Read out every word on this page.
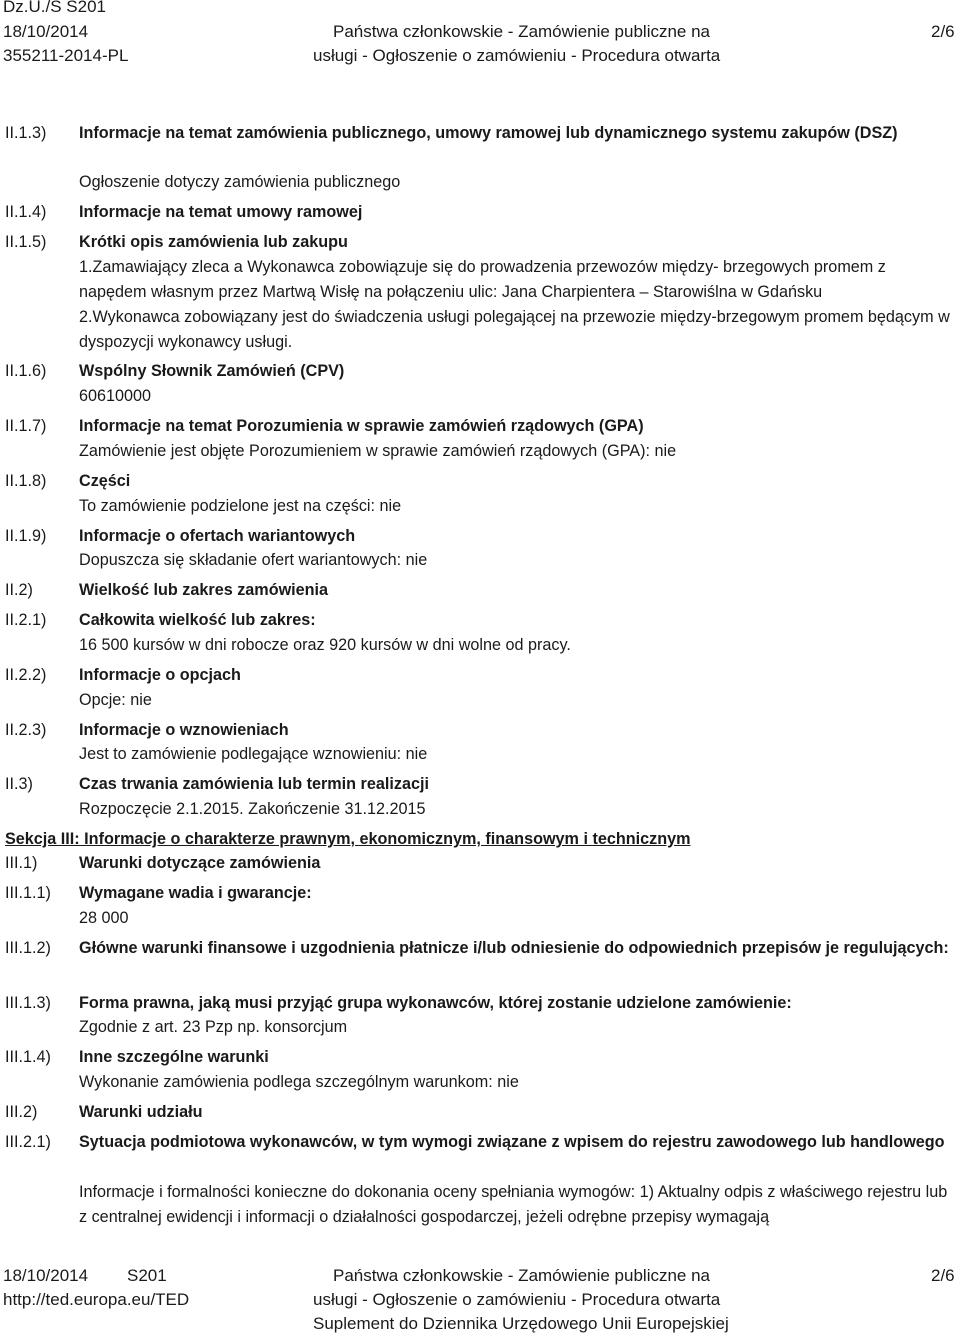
Dz.U./S S201
18/10/2014
355211-2014-PL
Państwa członkowskie - Zamówienie publiczne na
usługi - Ogłoszenie o zamówieniu - Procedura otwarta
2/6
II.1.3) Informacje na temat zamówienia publicznego, umowy ramowej lub dynamicznego systemu zakupów (DSZ)
Ogłoszenie dotyczy zamówienia publicznego
II.1.4) Informacje na temat umowy ramowej
II.1.5) Krótki opis zamówienia lub zakupu
1.Zamawiający zleca a Wykonawca zobowiązuje się do prowadzenia przewozów między- brzegowych promem z napędem własnym przez Martwą Wisłę na połączeniu ulic: Jana Charpientera – Starowiślna w Gdańsku
2.Wykonawca zobowiązany jest do świadczenia usługi polegającej na przewozie między-brzegowym promem będącym w dyspozycji wykonawcy usługi.
II.1.6) Wspólny Słownik Zamówień (CPV)
60610000
II.1.7) Informacje na temat Porozumienia w sprawie zamówień rządowych (GPA)
Zamówienie jest objęte Porozumieniem w sprawie zamówień rządowych (GPA): nie
II.1.8) Części
To zamówienie podzielone jest na części: nie
II.1.9) Informacje o ofertach wariantowych
Dopuszcza się składanie ofert wariantowych: nie
II.2)	Wielkość lub zakres zamówienia
II.2.1) Całkowita wielkość lub zakres:
16 500 kursów w dni robocze oraz 920 kursów w dni wolne od pracy.
II.2.2) Informacje o opcjach
Opcje: nie
II.2.3) Informacje o wznowieniach
Jest to zamówienie podlegające wznowieniu: nie
II.3)	Czas trwania zamówienia lub termin realizacji
Rozpoczęcie 2.1.2015. Zakończenie 31.12.2015
Sekcja III: Informacje o charakterze prawnym, ekonomicznym, finansowym i technicznym
III.1)	Warunki dotyczące zamówienia
III.1.1) Wymagane wadia i gwarancje:
28 000
III.1.2) Główne warunki finansowe i uzgodnienia płatnicze i/lub odniesienie do odpowiednich przepisów je regulujących:
III.1.3) Forma prawna, jaką musi przyjąć grupa wykonawców, której zostanie udzielone zamówienie:
Zgodnie z art. 23 Pzp np. konsorcjum
III.1.4) Inne szczególne warunki
Wykonanie zamówienia podlega szczególnym warunkom: nie
III.2)	Warunki udziału
III.2.1) Sytuacja podmiotowa wykonawców, w tym wymogi związane z wpisem do rejestru zawodowego lub handlowego
Informacje i formalności konieczne do dokonania oceny spełniania wymogów: 1) Aktualny odpis z właściwego rejestru lub z centralnej ewidencji i informacji o działalności gospodarczej, jeżeli odrębne przepisy wymagają
18/10/2014 S201
http://ted.europa.eu/TED
Państwa członkowskie - Zamówienie publiczne na
usługi - Ogłoszenie o zamówieniu - Procedura otwarta
Suplement do Dziennika Urzędowego Unii Europejskiej
2/6
